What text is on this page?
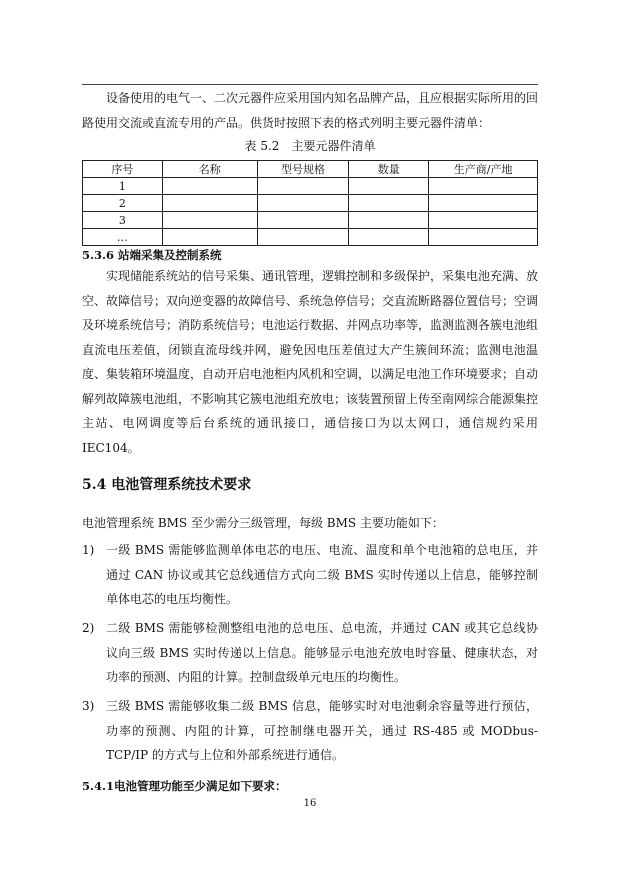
设备使用的电气一、二次元器件应采用国内知名品牌产品，且应根据实际所用的回路使用交流或直流专用的产品。供货时按照下表的格式列明主要元器件清单：
表 5.2　主要元器件清单
序号	名称	型号规格	数量	生产商/产地
1				
2				
3				
…				
5.3.6 站端采集及控制系统
实现储能系统站的信号采集、通讯管理，逻辑控制和多级保护，采集电池充满、放空、故障信号；双向逆变器的故障信号、系统急停信号；交直流断路器位置信号；空调及环境系统信号；消防系统信号；电池运行数据、并网点功率等，监测监测各簇电池组直流电压差值，闭锁直流母线并网，避免因电压差值过大产生簇间环流；监测电池温度、集装箱环境温度，自动开启电池柜内风机和空调，以满足电池工作环境要求；自动解列故障簇电池组，不影响其它簇电池组充放电；该装置预留上传至南网综合能源集控主站、电网调度等后台系统的通讯接口，通信接口为以太网口，通信规约采用IEC104。
5.4 电池管理系统技术要求
电池管理系统 BMS 至少需分三级管理，每级 BMS 主要功能如下：
1) 一级 BMS 需能够监测单体电芯的电压、电流、温度和单个电池箱的总电压，并通过 CAN 协议或其它总线通信方式向二级 BMS 实时传递以上信息，能够控制单体电芯的电压均衡性。
2) 二级 BMS 需能够检测整组电池的总电压、总电流，并通过 CAN 或其它总线协议向三级 BMS 实时传递以上信息。能够显示电池充放电时容量、健康状态，对功率的预测、内阻的计算。控制盘级单元电压的均衡性。
3) 三级 BMS 需能够收集二级 BMS 信息，能够实时对电池剩余容量等进行预估，功率的预测、内阻的计算，可控制继电器开关，通过 RS-485 或 MODbus-TCP/IP 的方式与上位和外部系统进行通信。
5.4.1电池管理功能至少满足如下要求：
16
